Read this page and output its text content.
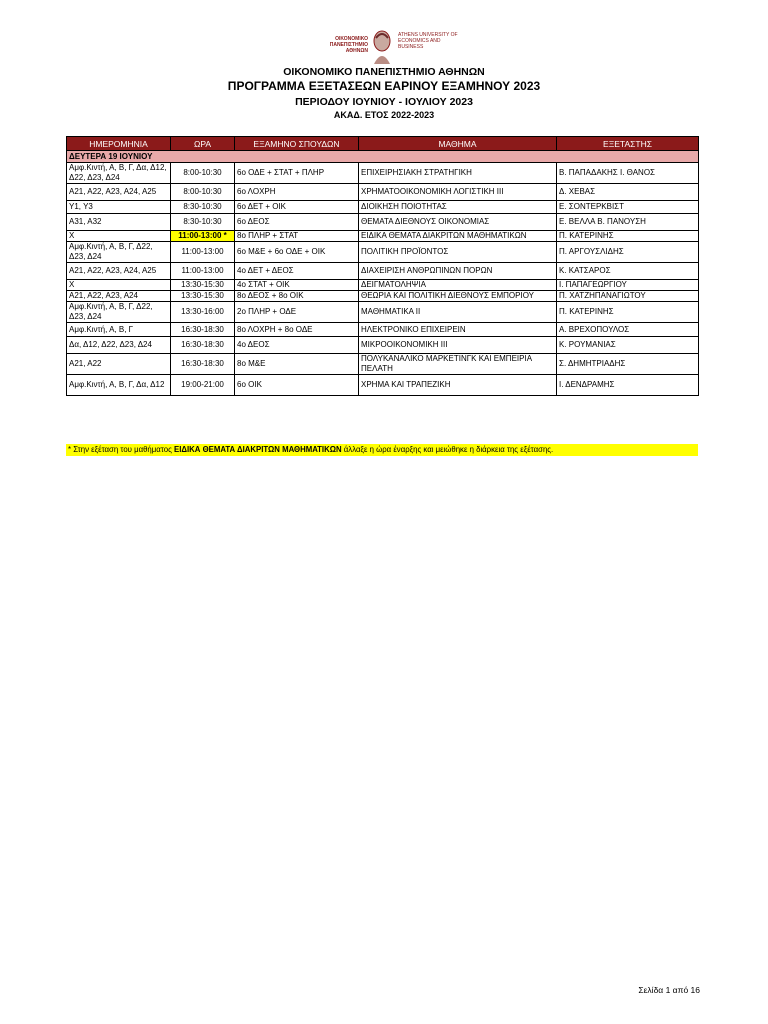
ΟΙΚΟΝΟΜΙΚΟ ΠΑΝΕΠΙΣΤΗΜΙΟ ΑΘΗΝΩΝ
ATHENS UNIVERSITY OF ECONOMICS AND BUSINESS
ΟΙΚΟΝΟΜΙΚΟ ΠΑΝΕΠΙΣΤΗΜΙΟ ΑΘΗΝΩΝ
ΠΡΟΓΡΑΜΜΑ ΕΞΕΤΑΣΕΩΝ ΕΑΡΙΝΟΥ ΕΞΑΜΗΝΟΥ 2023
ΠΕΡΙΟΔΟΥ ΙΟΥΝΙΟΥ - ΙΟΥΛΙΟΥ 2023
ΑΚΑΔ. ΕΤΟΣ 2022-2023
ΗΜΕΡΟΜΗΝΙΑ	ΩΡΑ	ΕΞΑΜΗΝΟ ΣΠΟΥΔΩΝ	ΜΑΘΗΜΑ	ΕΞΕΤΑΣΤΗΣ
ΔΕΥΤΕΡΑ 19 ΙΟΥΝΙΟΥ				
Αμφ.Κιντή, Α, Β, Γ, Δα, Δ12, Δ22, Δ23, Δ24	8:00-10:30	6ο ΟΔΕ + ΣΤΑΤ + ΠΛΗΡ	ΕΠΙΧΕΙΡΗΣΙΑΚΗ ΣΤΡΑΤΗΓΙΚΗ	Β. ΠΑΠΑΔΑΚΗΣ Ι. ΘΑΝΟΣ
Α21, Α22, Α23, Α24, Α25	8:00-10:30	6ο ΛΟΧΡΗ	ΧΡΗΜΑΤΟΟΙΚΟΝΟΜΙΚΗ ΛΟΓΙΣΤΙΚΗ ΙΙΙ	Δ. ΧΕΒΑΣ
Υ1, Υ3	8:30-10:30	6ο ΔΕΤ + ΟΙΚ	ΔΙΟΙΚΗΣΗ ΠΟΙΟΤΗΤΑΣ	Ε. ΣΟΝΤΕΡΚΒΙΣΤ
Α31, Α32	8:30-10:30	6ο ΔΕΟΣ	ΘΕΜΑΤΑ ΔΙΕΘΝΟΥΣ ΟΙΚΟΝΟΜΙΑΣ	Ε. ΒΕΛΛΑ Β. ΠΑΝΟΥΣΗ
Χ	11:00-13:00 *	8ο ΠΛΗΡ + ΣΤΑΤ	ΕΙΔΙΚΑ ΘΕΜΑΤΑ ΔΙΑΚΡΙΤΩΝ ΜΑΘΗΜΑΤΙΚΩΝ	Π. ΚΑΤΕΡΙΝΗΣ
Αμφ.Κιντή, Α, Β, Γ, Δ22, Δ23, Δ24	11:00-13:00	6ο Μ&Ε + 6ο ΟΔΕ + ΟΙΚ	ΠΟΛΙΤΙΚΗ ΠΡΟΪΟΝΤΟΣ	Π. ΑΡΓΟΥΣΛΙΔΗΣ
Α21, Α22, Α23, Α24, Α25	11:00-13:00	4ο ΔΕΤ + ΔΕΟΣ	ΔΙΑΧΕΙΡΙΣΗ ΑΝΘΡΩΠΙΝΩΝ ΠΟΡΩΝ	Κ. ΚΑΤΣΑΡΟΣ
Χ	13:30-15:30	4ο ΣΤΑΤ + ΟΙΚ	ΔΕΙΓΜΑΤΟΛΗΨΙΑ	Ι. ΠΑΠΑΓΕΩΡΓΙΟΥ
Α21, Α22, Α23, Α24	13:30-15:30	8ο ΔΕΟΣ + 8ο ΟΙΚ	ΘΕΩΡΙΑ ΚΑΙ ΠΟΛΙΤΙΚΗ ΔΙΕΘΝΟΥΣ ΕΜΠΟΡΙΟΥ	Π. ΧΑΤΖΗΠΑΝΑΓΙΩΤΟΥ
Αμφ.Κιντή, Α, Β, Γ, Δ22, Δ23, Δ24	13:30-16:00	2ο ΠΛΗΡ + ΟΔΕ	ΜΑΘΗΜΑΤΙΚΑ ΙΙ	Π. ΚΑΤΕΡΙΝΗΣ
Αμφ.Κιντή, Α, Β, Γ	16:30-18:30	8ο ΛΟΧΡΗ + 8ο ΟΔΕ	ΗΛΕΚΤΡΟΝΙΚΟ ΕΠΙΧΕΙΡΕΙΝ	Α. ΒΡΕΧΟΠΟΥΛΟΣ
Δα, Δ12, Δ22, Δ23, Δ24	16:30-18:30	4ο ΔΕΟΣ	ΜΙΚΡΟΟΙΚΟΝΟΜΙΚΗ ΙΙΙ	Κ. ΡΟΥΜΑΝΙΑΣ
Α21, Α22	16:30-18:30	8ο Μ&Ε	ΠΟΛΥΚΑΝΑΛΙΚΟ ΜΑΡΚΕΤΙΝΓΚ ΚΑΙ ΕΜΠΕΙΡΙΑ ΠΕΛΑΤΗ	Σ. ΔΗΜΗΤΡΙΑΔΗΣ
Αμφ.Κιντή, Α, Β, Γ, Δα, Δ12	19:00-21:00	6ο ΟΙΚ	ΧΡΗΜΑ ΚΑΙ ΤΡΑΠΕΖΙΚΗ	Ι. ΔΕΝΔΡΑΜΗΣ
* Στην εξέταση του μαθήματος ΕΙΔΙΚΑ ΘΕΜΑΤΑ ΔΙΑΚΡΙΤΩΝ ΜΑΘΗΜΑΤΙΚΩΝ άλλαξε η ώρα έναρξης και μειώθηκε η διάρκεια της εξέτασης.
Σελίδα 1 από 16
